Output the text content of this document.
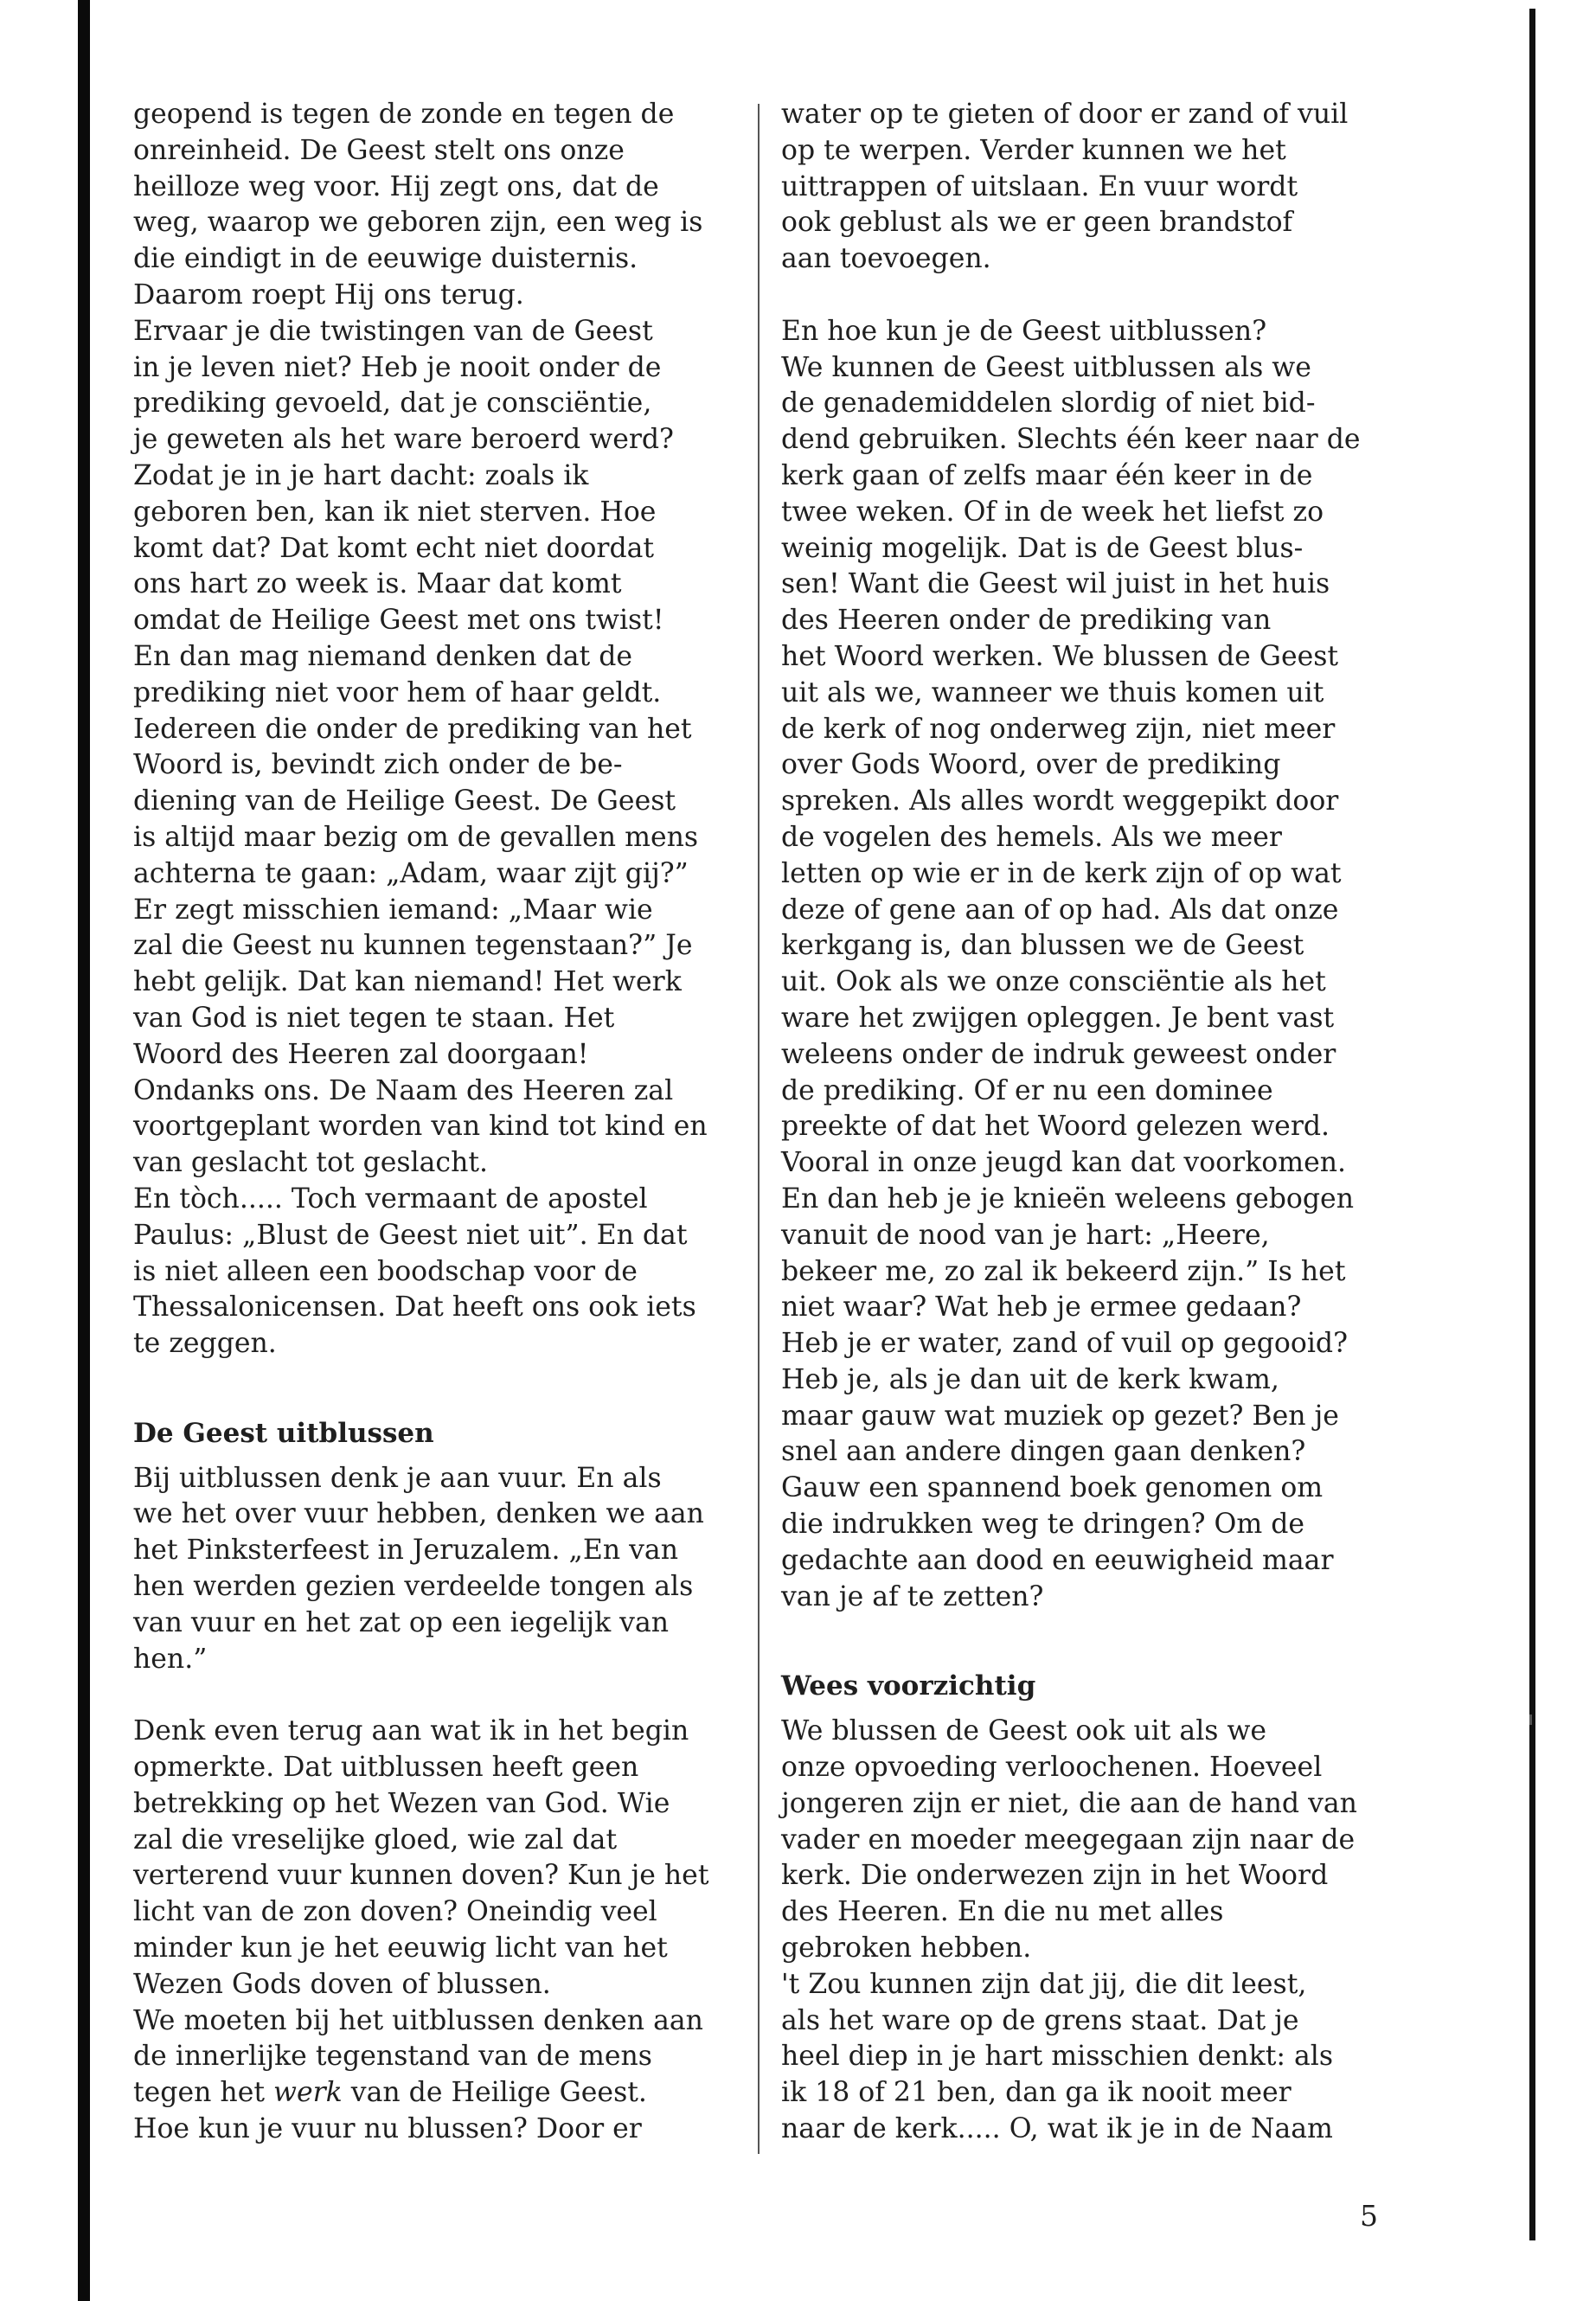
geopend is tegen de zonde en tegen de
onreinheid. De Geest stelt ons onze
heilloze weg voor. Hij zegt ons, dat de
weg, waarop we geboren zijn, een weg is
die eindigt in de eeuwige duisternis.
Daarom roept Hij ons terug.
Ervaar je die twistingen van de Geest
in je leven niet? Heb je nooit onder de
prediking gevoeld, dat je consciëntie,
je geweten als het ware beroerd werd?
Zodat je in je hart dacht: zoals ik
geboren ben, kan ik niet sterven. Hoe
komt dat? Dat komt echt niet doordat
ons hart zo week is. Maar dat komt
omdat de Heilige Geest met ons twist!
En dan mag niemand denken dat de
prediking niet voor hem of haar geldt.
Iedereen die onder de prediking van het
Woord is, bevindt zich onder de be-
diening van de Heilige Geest. De Geest
is altijd maar bezig om de gevallen mens
achterna te gaan: „Adam, waar zijt gij?”
Er zegt misschien iemand: „Maar wie
zal die Geest nu kunnen tegenstaan?” Je
hebt gelijk. Dat kan niemand! Het werk
van God is niet tegen te staan. Het
Woord des Heeren zal doorgaan!
Ondanks ons. De Naam des Heeren zal
voortgeplant worden van kind tot kind en
van geslacht tot geslacht.
En tòch..... Toch vermaant de apostel
Paulus: „Blust de Geest niet uit”. En dat
is niet alleen een boodschap voor de
Thessalonicensen. Dat heeft ons ook iets
te zeggen.
De Geest uitblussen
Bij uitblussen denk je aan vuur. En als
we het over vuur hebben, denken we aan
het Pinksterfeest in Jeruzalem. „En van
hen werden gezien verdeelde tongen als
van vuur en het zat op een iegelijk van
hen.”
Denk even terug aan wat ik in het begin
opmerkte. Dat uitblussen heeft geen
betrekking op het Wezen van God. Wie
zal die vreselijke gloed, wie zal dat
verterend vuur kunnen doven? Kun je het
licht van de zon doven? Oneindig veel
minder kun je het eeuwig licht van het
Wezen Gods doven of blussen.
We moeten bij het uitblussen denken aan
de innerlijke tegenstand van de mens
tegen het werk van de Heilige Geest.
Hoe kun je vuur nu blussen? Door er
water op te gieten of door er zand of vuil
op te werpen. Verder kunnen we het
uittrappen of uitslaan. En vuur wordt
ook geblust als we er geen brandstof
aan toevoegen.
En hoe kun je de Geest uitblussen?
We kunnen de Geest uitblussen als we
de genademiddelen slordig of niet bid-
dend gebruiken. Slechts één keer naar de
kerk gaan of zelfs maar één keer in de
twee weken. Of in de week het liefst zo
weinig mogelijk. Dat is de Geest blus-
sen! Want die Geest wil juist in het huis
des Heeren onder de prediking van
het Woord werken. We blussen de Geest
uit als we, wanneer we thuis komen uit
de kerk of nog onderweg zijn, niet meer
over Gods Woord, over de prediking
spreken. Als alles wordt weggepikt door
de vogelen des hemels. Als we meer
letten op wie er in de kerk zijn of op wat
deze of gene aan of op had. Als dat onze
kerkgang is, dan blussen we de Geest
uit. Ook als we onze consciëntie als het
ware het zwijgen opleggen. Je bent vast
weleens onder de indruk geweest onder
de prediking. Of er nu een dominee
preekte of dat het Woord gelezen werd.
Vooral in onze jeugd kan dat voorkomen.
En dan heb je je knieën weleens gebogen
vanuit de nood van je hart: „Heere,
bekeer me, zo zal ik bekeerd zijn.” Is het
niet waar? Wat heb je ermee gedaan?
Heb je er water, zand of vuil op gegooid?
Heb je, als je dan uit de kerk kwam,
maar gauw wat muziek op gezet? Ben je
snel aan andere dingen gaan denken?
Gauw een spannend boek genomen om
die indrukken weg te dringen? Om de
gedachte aan dood en eeuwigheid maar
van je af te zetten?
Wees voorzichtig
We blussen de Geest ook uit als we
onze opvoeding verloochenen. Hoeveel
jongeren zijn er niet, die aan de hand van
vader en moeder meegegaan zijn naar de
kerk. Die onderwezen zijn in het Woord
des Heeren. En die nu met alles
gebroken hebben.
't Zou kunnen zijn dat jij, die dit leest,
als het ware op de grens staat. Dat je
heel diep in je hart misschien denkt: als
ik 18 of 21 ben, dan ga ik nooit meer
naar de kerk..... O, wat ik je in de Naam
5
